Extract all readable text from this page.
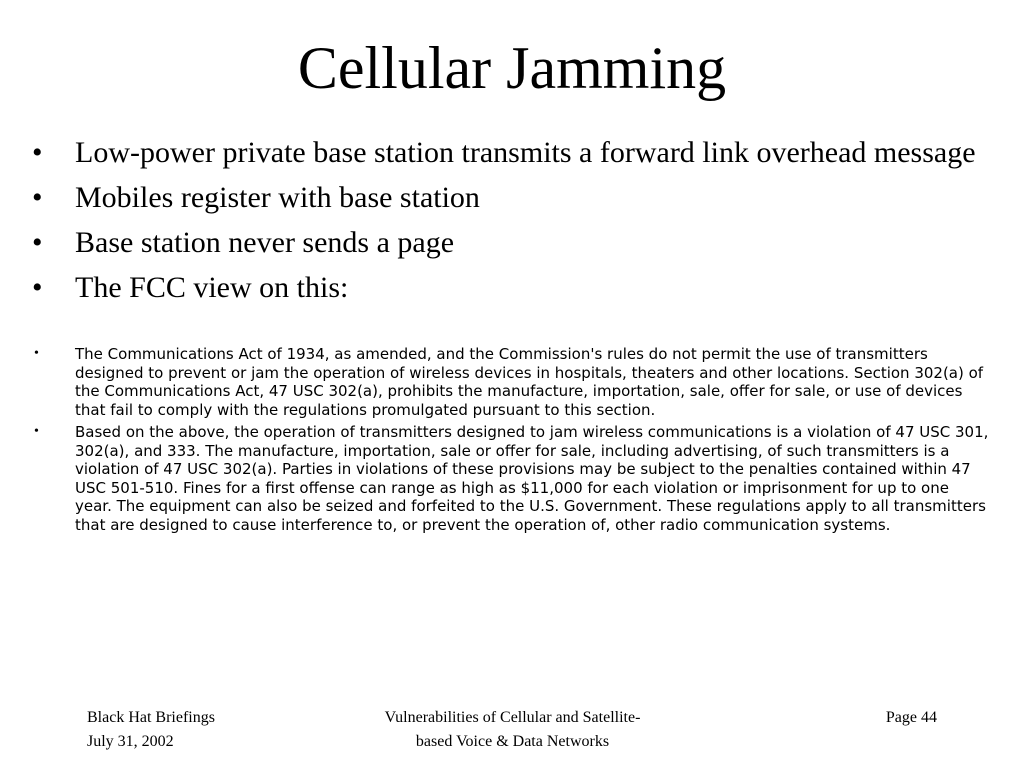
Cellular Jamming
• Low-power private base station transmits a forward link overhead message
• Mobiles register with base station
• Base station never sends a page
• The FCC view on this:
• The Communications Act of 1934, as amended, and the Commission's rules do not permit the use of transmitters designed to prevent or jam the operation of wireless devices in hospitals, theaters and other locations. Section 302(a) of the Communications Act, 47 USC 302(a), prohibits the manufacture, importation, sale, offer for sale, or use of devices that fail to comply with the regulations promulgated pursuant to this section.
• Based on the above, the operation of transmitters designed to jam wireless communications is a violation of 47 USC 301, 302(a), and 333. The manufacture, importation, sale or offer for sale, including advertising, of such transmitters is a violation of 47 USC 302(a). Parties in violations of these provisions may be subject to the penalties contained within 47 USC 501-510. Fines for a first offense can range as high as $11,000 for each violation or imprisonment for up to one year. The equipment can also be seized and forfeited to the U.S. Government. These regulations apply to all transmitters that are designed to cause interference to, or prevent the operation of, other radio communication systems.
Black Hat Briefings
July 31, 2002
Vulnerabilities of Cellular and Satellite-
based Voice & Data Networks
Page 44
